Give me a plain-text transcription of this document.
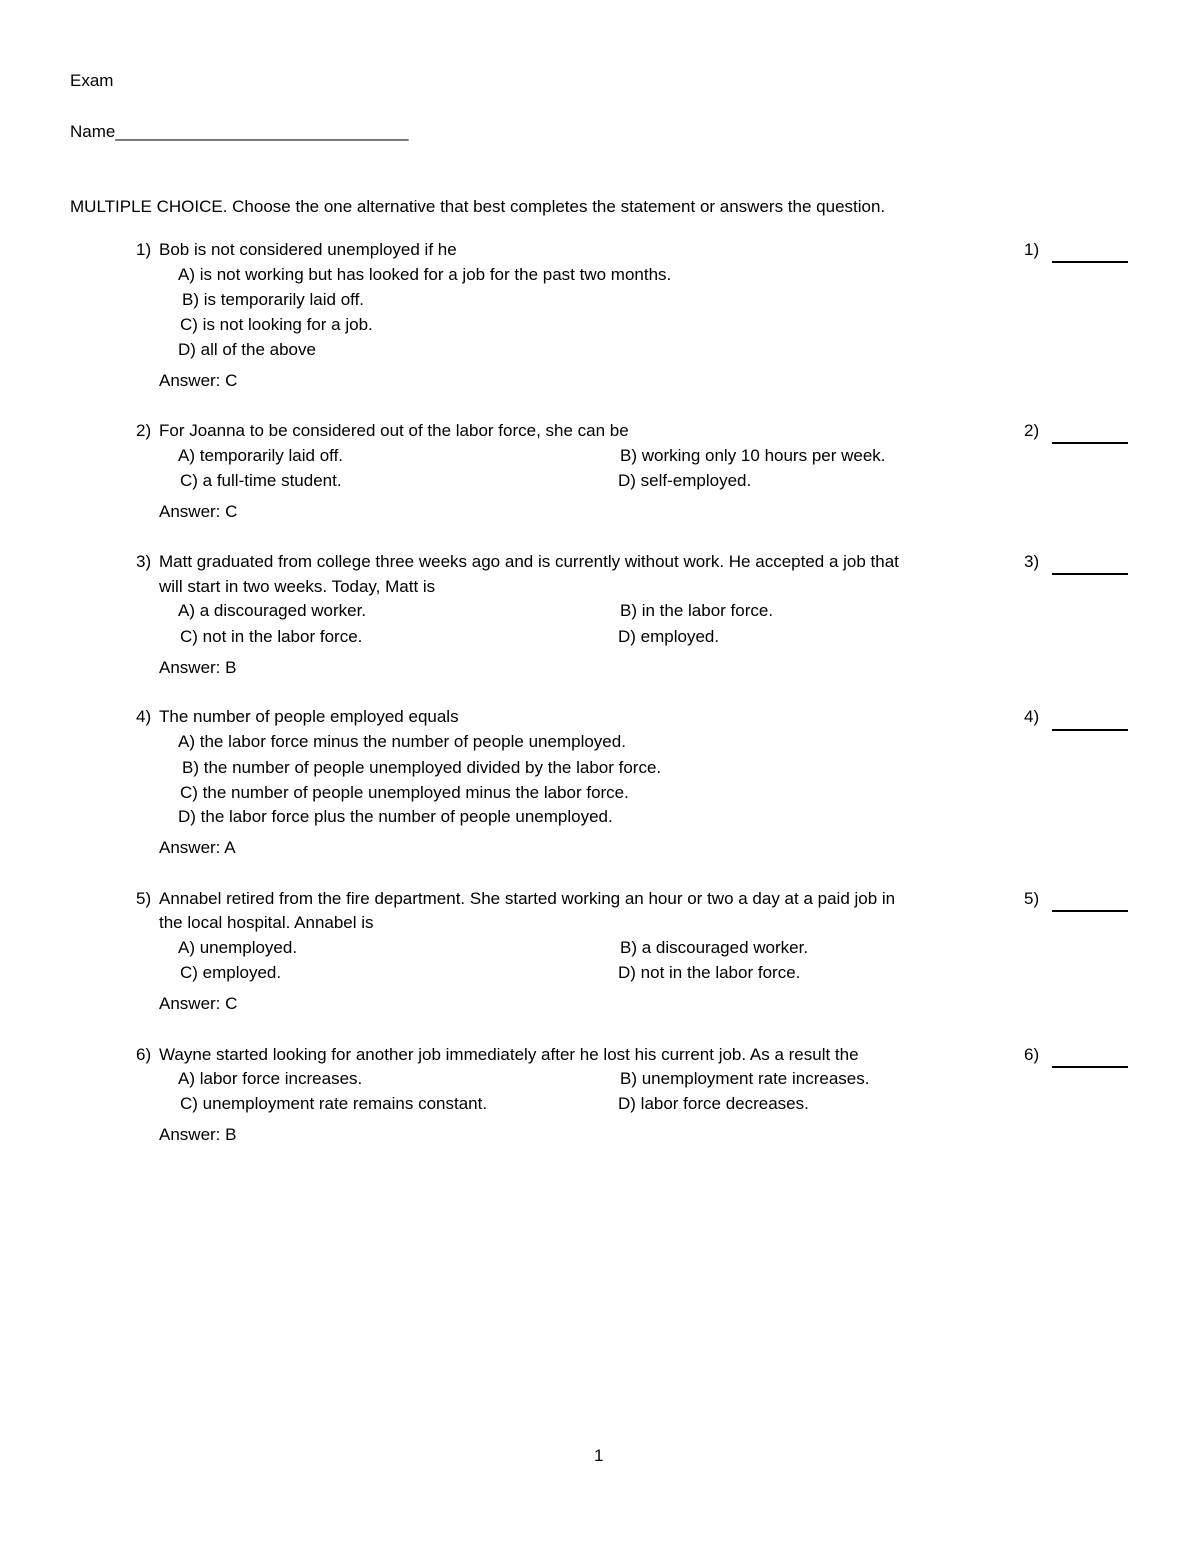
Exam
Name_______________________________
MULTIPLE CHOICE. Choose the one alternative that best completes the statement or answers the question.
1) Bob is not considered unemployed if he
A) is not working but has looked for a job for the past two months.
B) is temporarily laid off.
C) is not looking for a job.
D) all of the above
Answer: C
1)
2) For Joanna to be considered out of the labor force, she can be
A) temporarily laid off.	B) working only 10 hours per week.
C) a full-time student.	D) self-employed.
Answer: C
2)
3) Matt graduated from college three weeks ago and is currently without work. He accepted a job that
will start in two weeks. Today, Matt is
A) a discouraged worker.	B) in the labor force.
C) not in the labor force.	D) employed.
Answer: B
3)
4) The number of people employed equals
A) the labor force minus the number of people unemployed.
B) the number of people unemployed divided by the labor force.
C) the number of people unemployed minus the labor force.
D) the labor force plus the number of people unemployed.
Answer: A
4)
5) Annabel retired from the fire department. She started working an hour or two a day at a paid job in
the local hospital. Annabel is
A) unemployed.	B) a discouraged worker.
C) employed.	D) not in the labor force.
Answer: C
5)
6) Wayne started looking for another job immediately after he lost his current job. As a result the
A) labor force increases.	B) unemployment rate increases.
C) unemployment rate remains constant.	D) labor force decreases.
Answer: B
6)
1
